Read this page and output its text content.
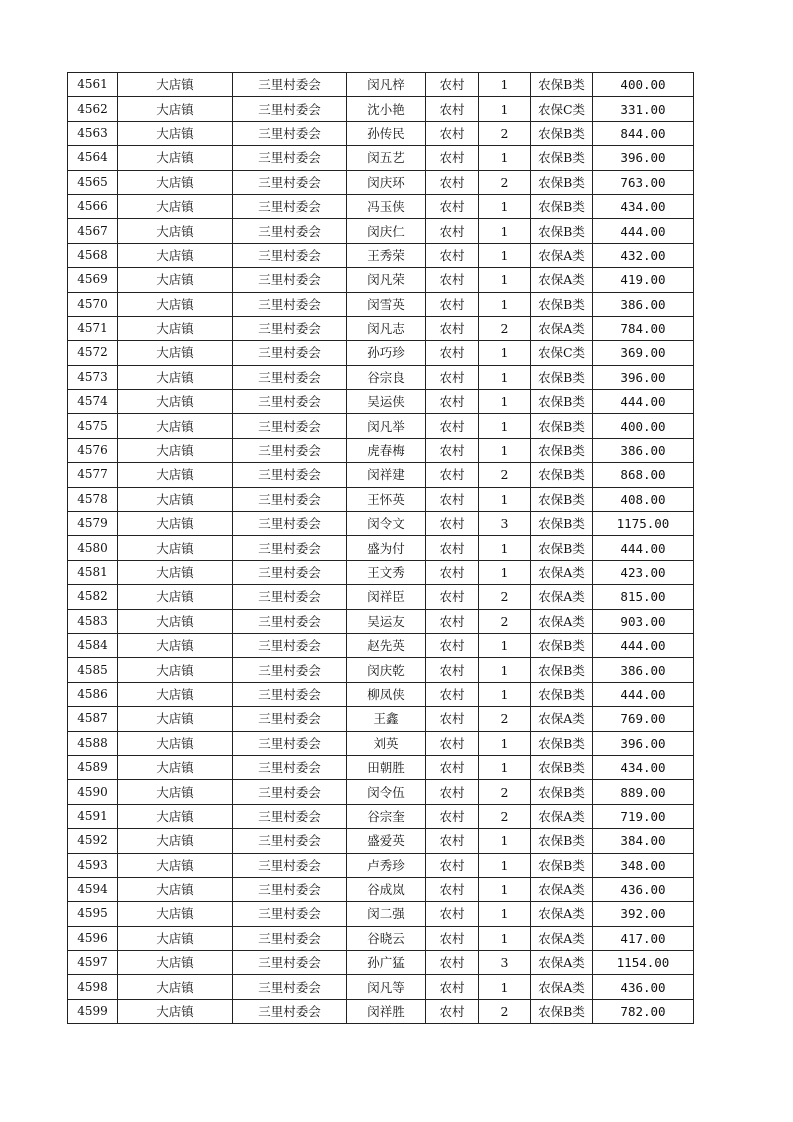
4561	大店镇	三里村委会	闵凡梓	农村	1	农保B类	400.00
4562	大店镇	三里村委会	沈小艳	农村	1	农保C类	331.00
4563	大店镇	三里村委会	孙传民	农村	2	农保B类	844.00
4564	大店镇	三里村委会	闵五艺	农村	1	农保B类	396.00
4565	大店镇	三里村委会	闵庆环	农村	2	农保B类	763.00
4566	大店镇	三里村委会	冯玉侠	农村	1	农保B类	434.00
4567	大店镇	三里村委会	闵庆仁	农村	1	农保B类	444.00
4568	大店镇	三里村委会	王秀荣	农村	1	农保A类	432.00
4569	大店镇	三里村委会	闵凡荣	农村	1	农保A类	419.00
4570	大店镇	三里村委会	闵雪英	农村	1	农保B类	386.00
4571	大店镇	三里村委会	闵凡志	农村	2	农保A类	784.00
4572	大店镇	三里村委会	孙巧珍	农村	1	农保C类	369.00
4573	大店镇	三里村委会	谷宗良	农村	1	农保B类	396.00
4574	大店镇	三里村委会	吴运侠	农村	1	农保B类	444.00
4575	大店镇	三里村委会	闵凡举	农村	1	农保B类	400.00
4576	大店镇	三里村委会	虎春梅	农村	1	农保B类	386.00
4577	大店镇	三里村委会	闵祥建	农村	2	农保B类	868.00
4578	大店镇	三里村委会	王怀英	农村	1	农保B类	408.00
4579	大店镇	三里村委会	闵令文	农村	3	农保B类	1175.00
4580	大店镇	三里村委会	盛为付	农村	1	农保B类	444.00
4581	大店镇	三里村委会	王文秀	农村	1	农保A类	423.00
4582	大店镇	三里村委会	闵祥臣	农村	2	农保A类	815.00
4583	大店镇	三里村委会	吴运友	农村	2	农保A类	903.00
4584	大店镇	三里村委会	赵先英	农村	1	农保B类	444.00
4585	大店镇	三里村委会	闵庆乾	农村	1	农保B类	386.00
4586	大店镇	三里村委会	柳凤侠	农村	1	农保B类	444.00
4587	大店镇	三里村委会	王鑫	农村	2	农保A类	769.00
4588	大店镇	三里村委会	刘英	农村	1	农保B类	396.00
4589	大店镇	三里村委会	田朝胜	农村	1	农保B类	434.00
4590	大店镇	三里村委会	闵令伍	农村	2	农保B类	889.00
4591	大店镇	三里村委会	谷宗奎	农村	2	农保A类	719.00
4592	大店镇	三里村委会	盛爱英	农村	1	农保B类	384.00
4593	大店镇	三里村委会	卢秀珍	农村	1	农保B类	348.00
4594	大店镇	三里村委会	谷成岚	农村	1	农保A类	436.00
4595	大店镇	三里村委会	闵二强	农村	1	农保A类	392.00
4596	大店镇	三里村委会	谷晓云	农村	1	农保A类	417.00
4597	大店镇	三里村委会	孙广猛	农村	3	农保A类	1154.00
4598	大店镇	三里村委会	闵凡等	农村	1	农保A类	436.00
4599	大店镇	三里村委会	闵祥胜	农村	2	农保B类	782.00
